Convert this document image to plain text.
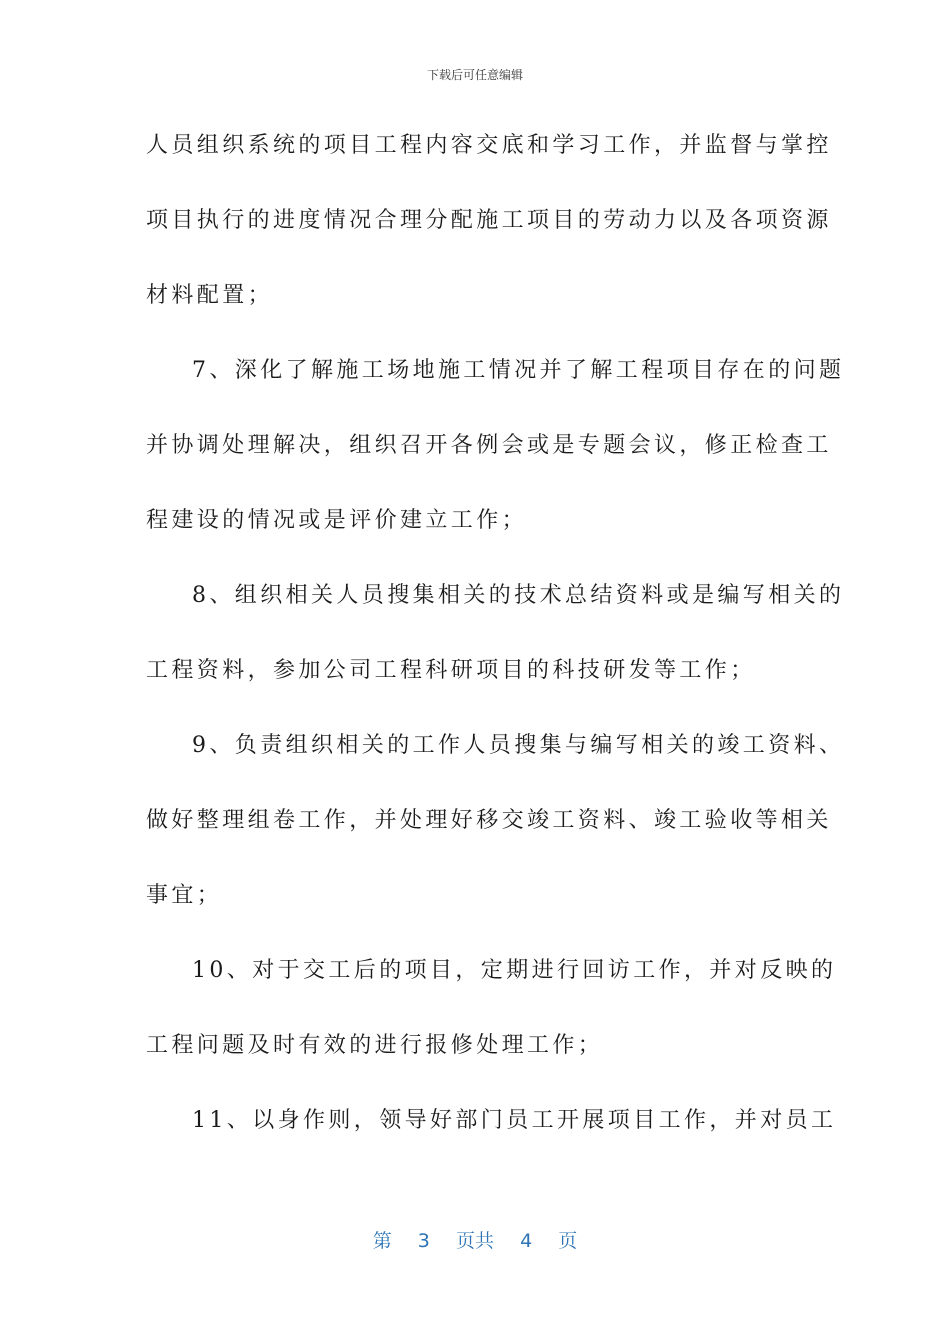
下载后可任意编辑
人员组织系统的项目工程内容交底和学习工作，并监督与掌控
项目执行的进度情况合理分配施工项目的劳动力以及各项资源
材料配置；
7、深化了解施工场地施工情况并了解工程项目存在的问题
并协调处理解决，组织召开各例会或是专题会议，修正检查工
程建设的情况或是评价建立工作；
8、组织相关人员搜集相关的技术总结资料或是编写相关的
工程资料，参加公司工程科研项目的科技研发等工作；
9、负责组织相关的工作人员搜集与编写相关的竣工资料、
做好整理组卷工作，并处理好移交竣工资料、竣工验收等相关
事宜；
10、对于交工后的项目，定期进行回访工作，并对反映的
工程问题及时有效的进行报修处理工作；
11、以身作则，领导好部门员工开展项目工作，并对员工
第 3 页共 4 页
